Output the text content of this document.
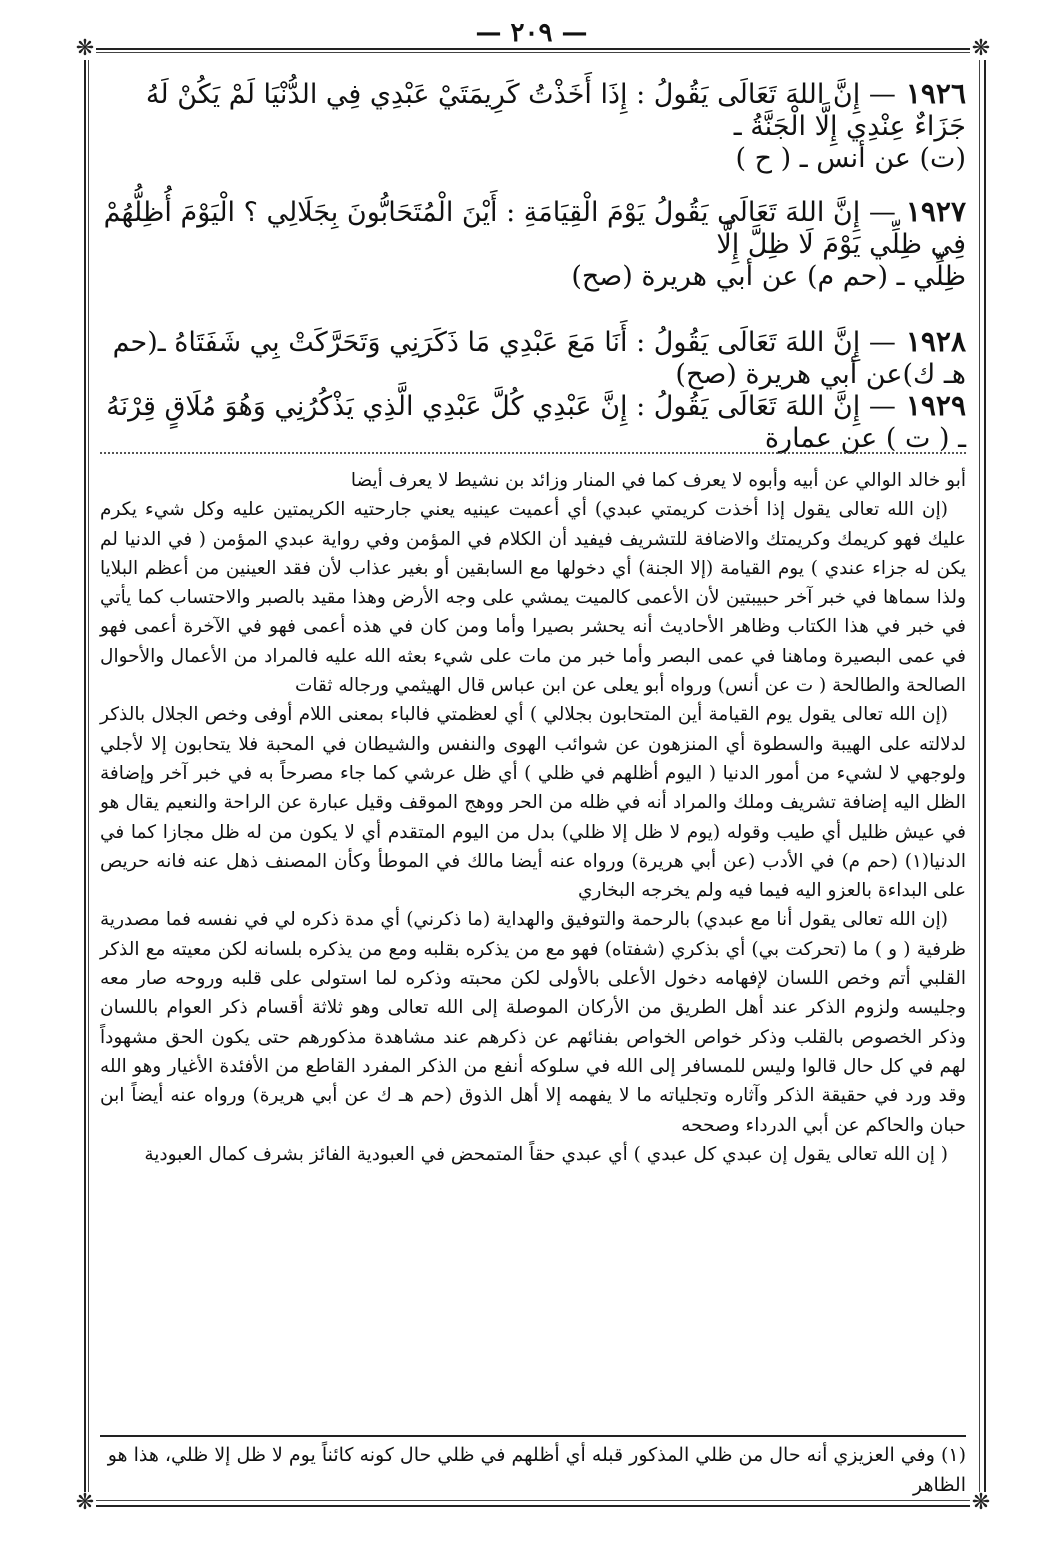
— ٢٠٩ —
❋	❋
❋	❋
١٩٢٦— إِنَّ اللهَ تَعَالَى يَقُولُ : إِذَا أَخَذْتُ كَرِيمَتَيْ عَبْدِي فِي الدُّنْيَا لَمْ يَكُنْ لَهُ جَزَاءٌ عِنْدِي إِلَّا الْجَنَّةُ ـ
(ت) عن أنس ـ ( ح )
١٩٢٧— إِنَّ اللهَ تَعَالَى يَقُولُ يَوْمَ الْقِيَامَةِ : أَيْنَ الْمُتَحَابُّونَ بِجَلَالِي ؟ الْيَوْمَ أُظِلُّهُمْ فِي ظِلِّي يَوْمَ لَا ظِلَّ إِلَّا
ظِلِّي ـ (حم م) عن أبي هريرة (صح)
١٩٢٨— إِنَّ اللهَ تَعَالَى يَقُولُ : أَنَا مَعَ عَبْدِي مَا ذَكَرَنِي وَتَحَرَّكَتْ بِي شَفَتَاهُ ـ(حم هـ ك)عن أبي هريرة (صح)
١٩٢٩— إِنَّ اللهَ تَعَالَى يَقُولُ : إِنَّ عَبْدِي كُلَّ عَبْدِي الَّذِي يَذْكُرُنِي وَهُوَ مُلَاقٍ قِرْنَهُ ـ ( ت ) عن عمارة

أبو خالد الوالي عن أبيه وأبوه لا يعرف كما في المنار وزائد بن نشيط لا يعرف أيضا

(إن الله تعالى يقول إذا أخذت كريمتي عبدي) أي أعميت عينيه يعني جارحتيه الكريمتين عليه وكل شيء يكرم عليك فهو كريمك وكريمتك والاضافة للتشريف فيفيد أن الكلام في المؤمن وفي رواية عبدي المؤمن ( في الدنيا لم يكن له جزاء عندي ) يوم القيامة (إلا الجنة) أي دخولها مع السابقين أو بغير عذاب لأن فقد العينين من أعظم البلايا ولذا سماها في خبر آخر حبيبتين لأن الأعمى كالميت يمشي على وجه الأرض وهذا مقيد بالصبر والاحتساب كما يأتي في خبر في هذا الكتاب وظاهر الأحاديث أنه يحشر بصيرا وأما ومن كان في هذه أعمى فهو في الآخرة أعمى فهو في عمى البصيرة وماهنا في عمى البصر وأما خبر من مات على شيء بعثه الله عليه فالمراد من الأعمال والأحوال الصالحة والطالحة ( ت عن أنس) ورواه أبو يعلى عن ابن عباس قال الهيثمي ورجاله ثقات

(إن الله تعالى يقول يوم القيامة أين المتحابون بجلالي ) أي لعظمتي فالباء بمعنى اللام أوفى وخص الجلال بالذكر لدلالته على الهيبة والسطوة أي المنزهون عن شوائب الهوى والنفس والشيطان في المحبة فلا يتحابون إلا لأجلي ولوجهي لا لشيء من أمور الدنيا ( اليوم أظلهم في ظلي ) أي ظل عرشي كما جاء مصرحاً به في خبر آخر وإضافة الظل اليه إضافة تشريف وملك والمراد أنه في ظله من الحر ووهج الموقف وقيل عبارة عن الراحة والنعيم يقال هو في عيش ظليل أي طيب وقوله (يوم لا ظل إلا ظلي) بدل من اليوم المتقدم أي لا يكون من له ظل مجازا كما في الدنيا(١) (حم م) في الأدب (عن أبي هريرة) ورواه عنه أيضا مالك في الموطأ وكأن المصنف ذهل عنه فانه حريص على البداءة بالعزو اليه فيما فيه ولم يخرجه البخاري

(إن الله تعالى يقول أنا مع عبدي) بالرحمة والتوفيق والهداية (ما ذكرني) أي مدة ذكره لي في نفسه فما مصدرية ظرفية ( و ) ما (تحركت بي) أي بذكري (شفتاه) فهو مع من يذكره بقلبه ومع من يذكره بلسانه لكن معيته مع الذكر القلبي أتم وخص اللسان لإفهامه دخول الأعلى بالأولى لكن محبته وذكره لما استولى على قلبه وروحه صار معه وجليسه ولزوم الذكر عند أهل الطريق من الأركان الموصلة إلى الله تعالى وهو ثلاثة أقسام ذكر العوام باللسان وذكر الخصوص بالقلب وذكر خواص الخواص بفنائهم عن ذكرهم عند مشاهدة مذكورهم حتى يكون الحق مشهوداً لهم في كل حال قالوا وليس للمسافر إلى الله في سلوكه أنفع من الذكر المفرد القاطع من الأفئدة الأغيار وهو الله وقد ورد في حقيقة الذكر وآثاره وتجلياته ما لا يفهمه إلا أهل الذوق (حم هـ ك عن أبي هريرة) ورواه عنه أيضاً ابن حبان والحاكم عن أبي الدرداء وصححه

( إن الله تعالى يقول إن عبدي كل عبدي ) أي عبدي حقاً المتمحض في العبودية الفائز بشرف كمال العبودية

(١) وفي العزيزي أنه حال من ظلي المذكور قبله أي أظلهم في ظلي حال كونه كائناً يوم لا ظل إلا ظلي، هذا هو الظاهر
